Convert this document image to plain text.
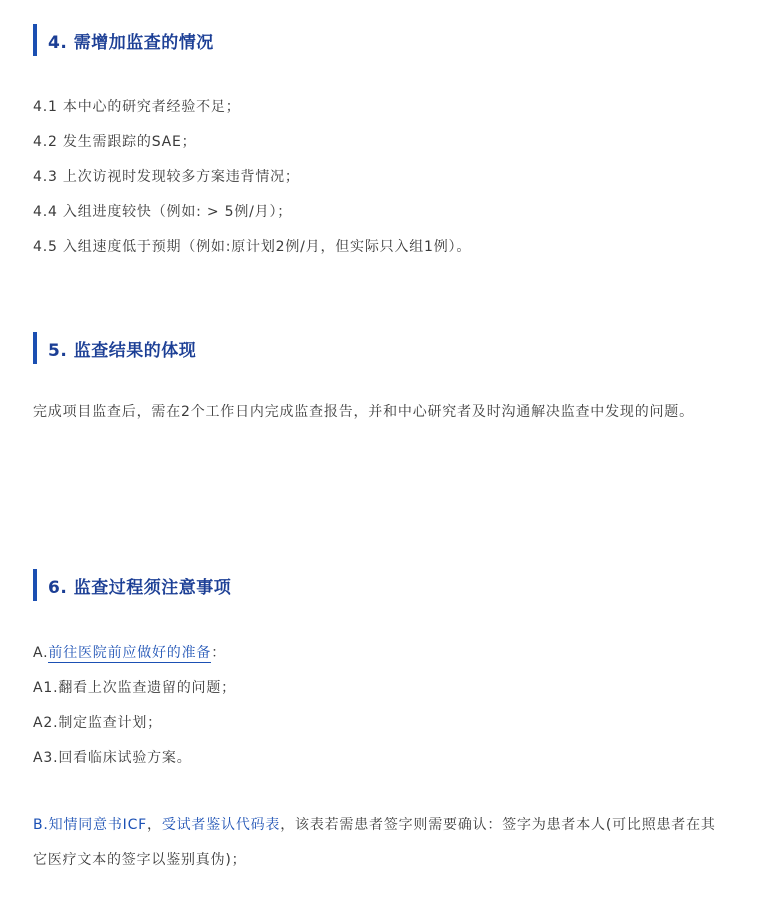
4. 需增加监查的情况
4.1 本中心的研究者经验不足；
4.2 发生需跟踪的SAE；
4.3 上次访视时发现较多方案违背情况；
4.4 入组进度较快（例如: > 5例/月）；
4.5 入组速度低于预期（例如:原计划2例/月，但实际只入组1例）。
5. 监查结果的体现
完成项目监查后，需在2个工作日内完成监查报告，并和中心研究者及时沟通解决监查中发现的问题。
6. 监查过程须注意事项
A.前往医院前应做好的准备：
A1.翻看上次监查遗留的问题；
A2.制定监查计划；
A3.回看临床试验方案。
B.知情同意书ICF，受试者鉴认代码表，该表若需患者签字则需要确认：签字为患者本人(可比照患者在其它医疗文本的签字以鉴别真伪)；
